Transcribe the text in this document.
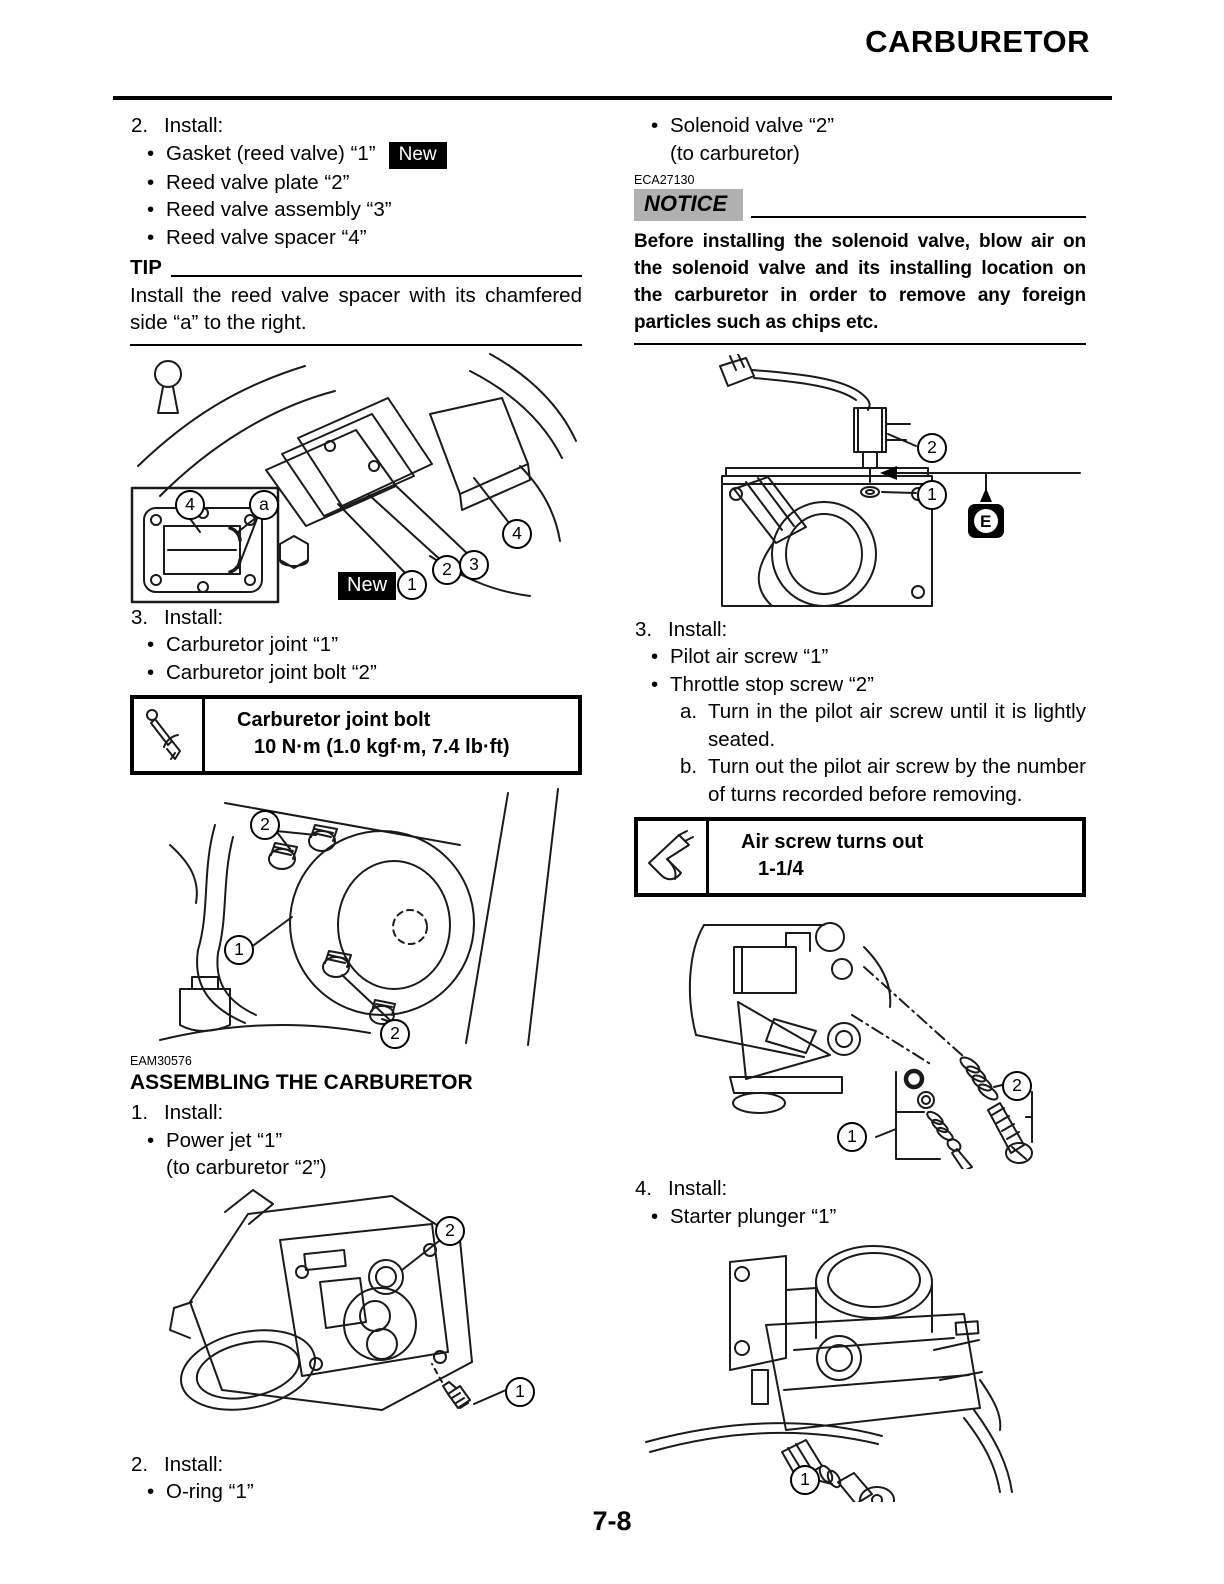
CARBURETOR
2. Install:
• Gasket (reed valve) “1” New
• Reed valve plate “2”
• Reed valve assembly “3”
• Reed valve spacer “4”
TIP
Install the reed valve spacer with its chamfered side “a” to the right.
4	a
4
2 3
1
New
3. Install:
• Carburetor joint “1”
• Carburetor joint bolt “2”
Carburetor joint bolt
10 N·m (1.0 kgf·m, 7.4 lb·ft)
2
1
2
EAM30576
ASSEMBLING THE CARBURETOR
1. Install:
• Power jet “1”
(to carburetor “2”)
2
1
2. Install:
• O-ring “1”
• Solenoid valve “2”
(to carburetor)
ECA27130
NOTICE
Before installing the solenoid valve, blow air on the solenoid valve and its installing location on the carburetor in order to remove any foreign particles such as chips etc.
2
1
E
3. Install:
• Pilot air screw “1”
• Throttle stop screw “2”
a. Turn in the pilot air screw until it is lightly seated.
b. Turn out the pilot air screw by the number of turns recorded before removing.
Air screw turns out
1-1/4
1
2
4. Install:
• Starter plunger “1”
1
7-8
